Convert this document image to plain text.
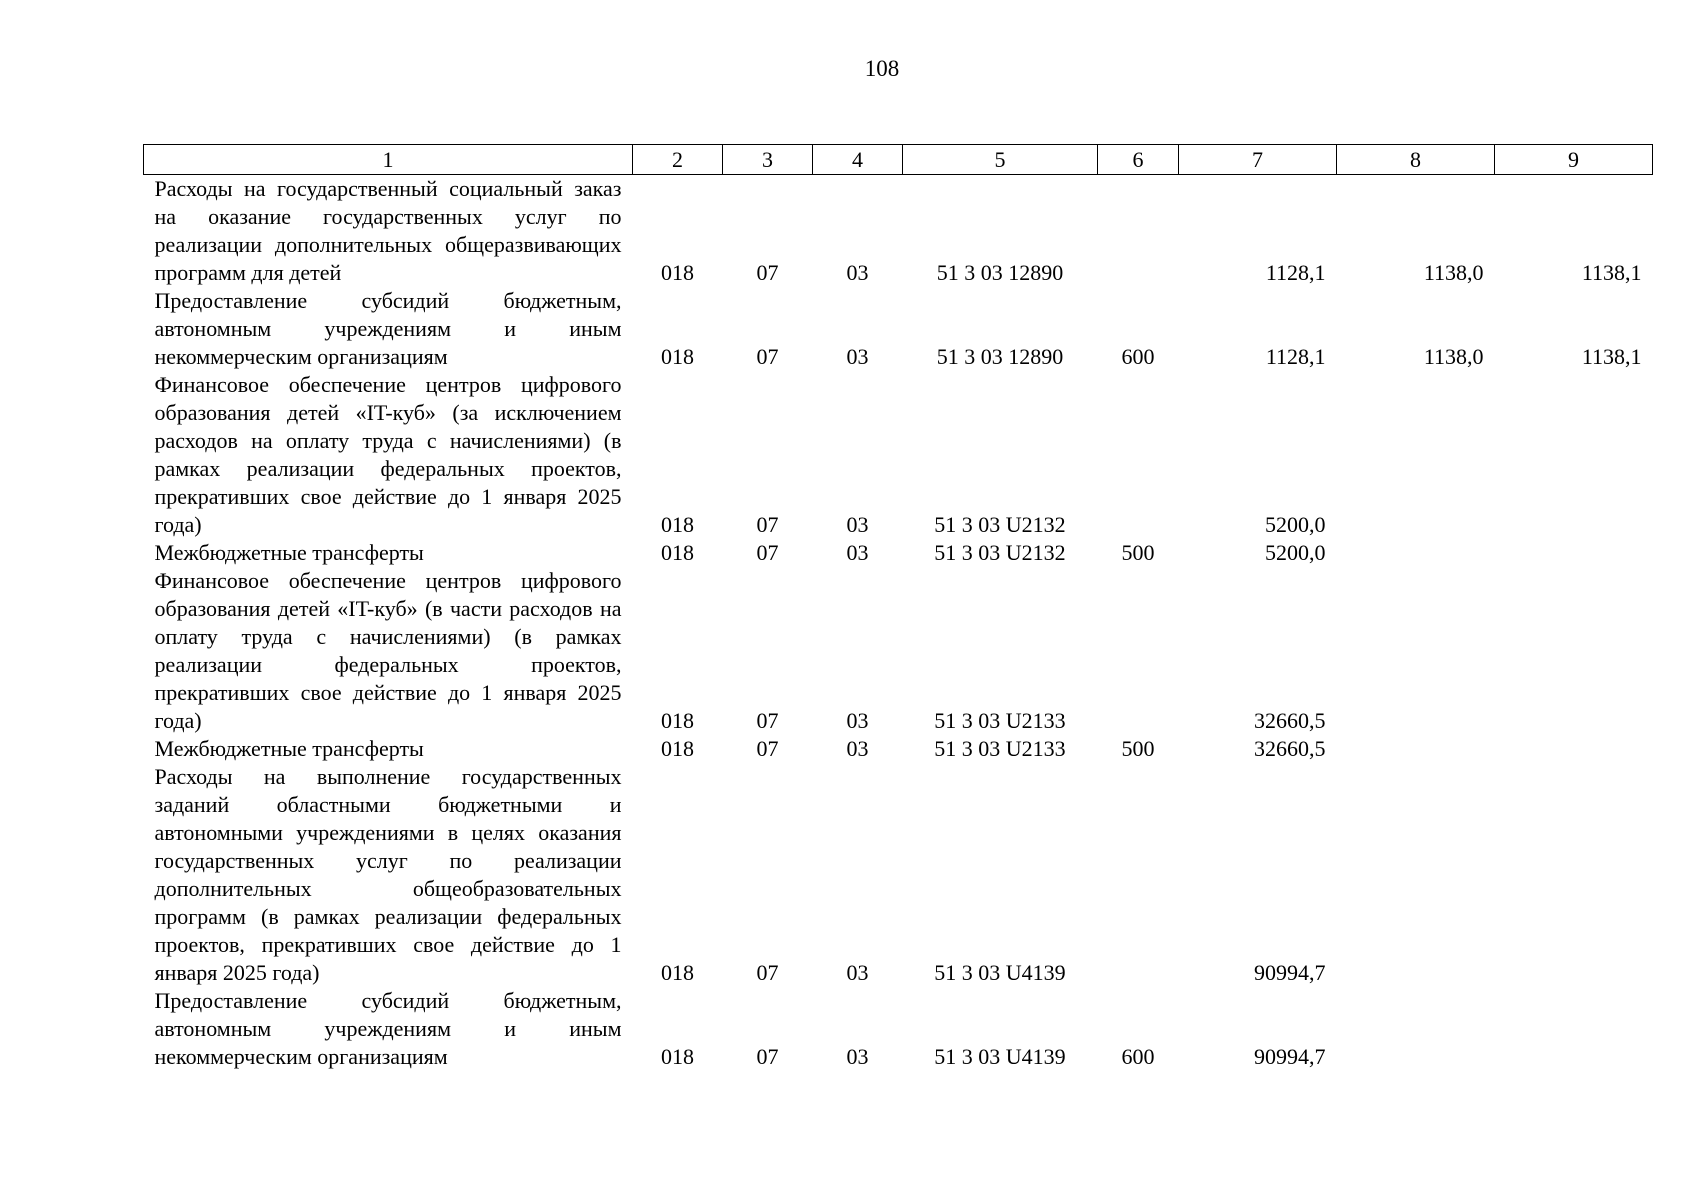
108
1	2	3	4	5	6	7	8	9
Расходы на государственный социальный заказ на оказание государственных услуг по реализации дополнительных общеразвивающих программ для детей	018	07	03	51 3 03 12890		1128,1	1138,0	1138,1
Предоставление субсидий бюджетным, автономным учреждениям и иным некоммерческим организациям	018	07	03	51 3 03 12890	600	1128,1	1138,0	1138,1
Финансовое обеспечение центров цифрового образования детей «IT-куб» (за исключением расходов на оплату труда с начислениями) (в рамках реализации федеральных проектов, прекративших свое действие до 1 января 2025 года)	018	07	03	51 3 03 U2132		5200,0		
Межбюджетные трансферты	018	07	03	51 3 03 U2132	500	5200,0		
Финансовое обеспечение центров цифрового образования детей «IT-куб» (в части расходов на оплату труда с начислениями) (в рамках реализации федеральных проектов, прекративших свое действие до 1 января 2025 года)	018	07	03	51 3 03 U2133		32660,5		
Межбюджетные трансферты	018	07	03	51 3 03 U2133	500	32660,5		
Расходы на выполнение государственных заданий областными бюджетными и автономными учреждениями в целях оказания государственных услуг по реализации дополнительных общеобразовательных программ (в рамках реализации федеральных проектов, прекративших свое действие до 1 января 2025 года)	018	07	03	51 3 03 U4139		90994,7		
Предоставление субсидий бюджетным, автономным учреждениям и иным некоммерческим организациям	018	07	03	51 3 03 U4139	600	90994,7		
